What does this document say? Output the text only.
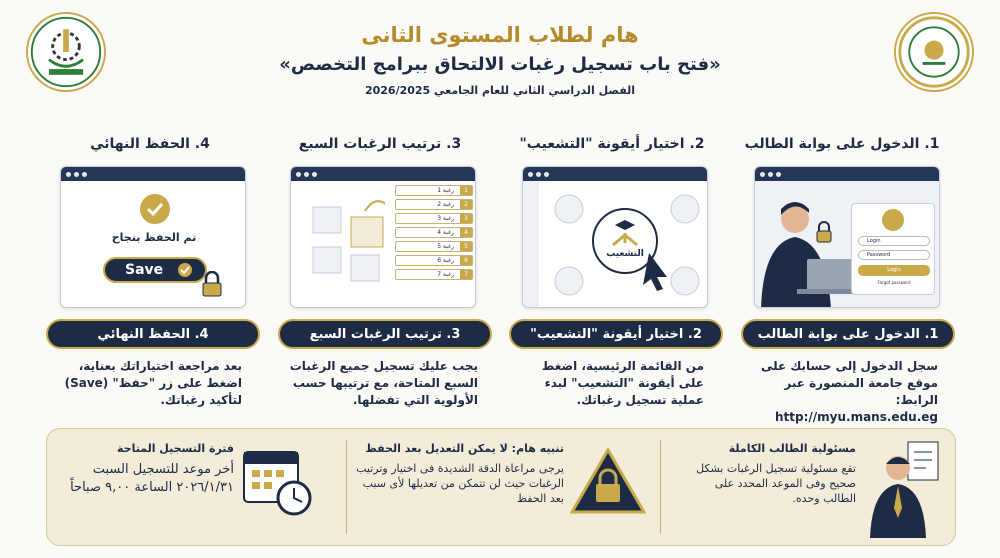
هام لطلاب المستوى الثانى
«فتح باب تسجيل رغبات الالتحاق ببرامج التخصص»
الفصل الدراسي الثاني للعام الجامعي 2026/2025
1. الدخول على بوابة الطالب
2. اختيار أيقونة "التشعيب"
3. ترتيب الرغبات السبع
4. الحفظ النهائي
Login
Password
Login
Forgot password
التشعيب
1
رغبة 1
2
رغبة 2
3
رغبة 3
4
رغبة 4
5
رغبة 5
6
رغبة 6
7
رغبة 7
تم الحفظ بنجاح
Save
1. الدخول على بوابة الطالب
2. اختيار أيقونة "التشعيب"
3. ترتيب الرغبات السبع
4. الحفظ النهائي
سجل الدخول إلى حسابك على موقع جامعة المنصورة عبر الرابط:
http://myu.mans.edu.eg
من القائمة الرئيسية، اضغط على أيقونة "التشعيب" لبدء عملية تسجيل رغباتك.
يجب عليك تسجيل جميع الرغبات السبع المتاحة، مع ترتيبها حسب الأولوية التي تفضلها.
بعد مراجعة اختياراتك بعناية، اضغط على زر "حفظ" (Save) لتأكيد رغباتك.
مسئولية الطالب الكاملة
تقع مسئولية تسجيل الرغبات بشكل صحيح وفى الموعد المحدد على الطالب وحده.
تنبيه هام: لا يمكن التعديل بعد الحفظ
يرجى مراعاة الدقة الشديدة فى اختيار وترتيب الرغبات حيث لن تتمكن من تعديلها لأى سبب بعد الحفظ
فترة التسجيل المتاحة
أخر موعد للتسجيل السبت ٢٠٢٦/١/٣١ الساعة ٩,٠٠ صباحاً
